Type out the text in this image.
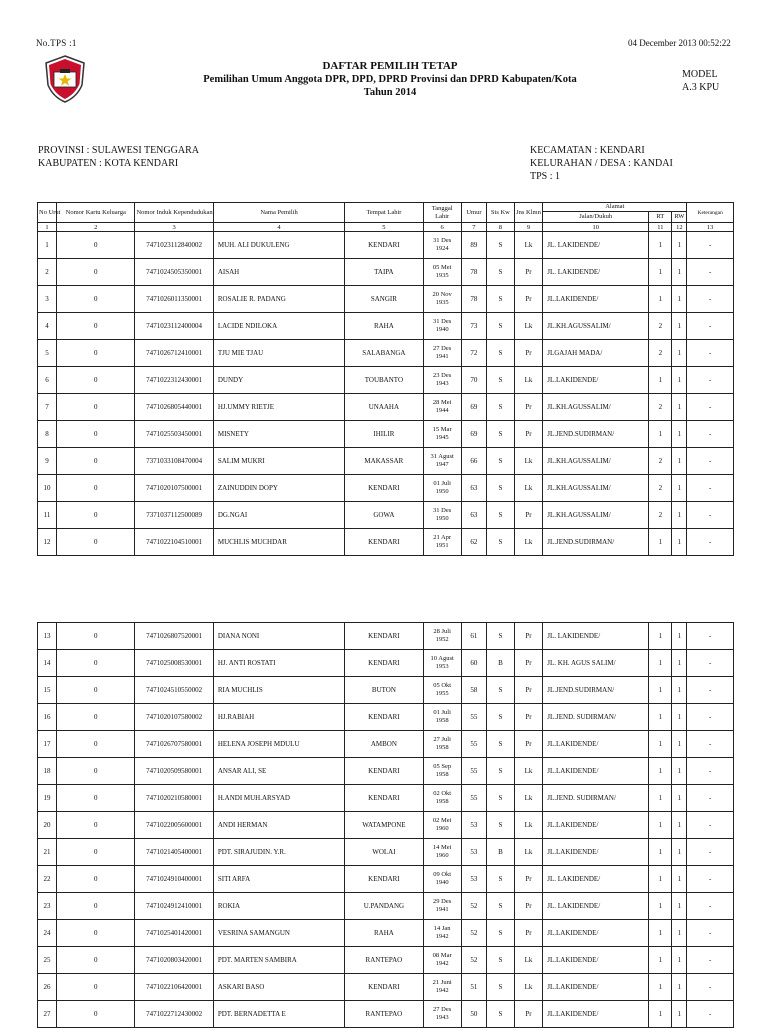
No.TPS :1	04 December 2013 00:52:22
DAFTAR PEMILIH TETAP
Pemilihan Umum Anggota DPR, DPD, DPRD Provinsi dan DPRD Kabupaten/Kota
Tahun 2014
MODEL
A.3 KPU
PROVINSI : SULAWESI TENGGARA
KABUPATEN : KOTA KENDARI
KECAMATAN : KENDARI
KELURAHAN / DESA : KANDAI
TPS : 1
No Urut	Nomor Kartu Keluarga	Nomor Induk Kependudukan	Nama Pemilih	Tempat Lahir	Tanggal Lahir	Umur	Sts Kw	Jns Klmn	Alamat			Keterangan
									Jalan/Dukuh	RT	RW	
1	2	3	4	5	6	7	8	9	10	11	12	13
1	0	7471023112840002	MUH. ALI DUKULENG	KENDARI	31 Des
1924	89	S	Lk	JL. LAKIDENDE/	1	1	-
2	0	7471024505350001	AISAH	TAIPA	05 Mei
1935	78	S	Pr	JL. LAKIDENDE/	1	1	-
3	0	7471026011350001	ROSALIE R. PADANG	SANGIR	20 Nov
1935	78	S	Pr	JL.LAKIDENDE/	1	1	-
4	0	7471023112400004	LACIDE NDILOKA	RAHA	31 Des
1940	73	S	Lk	JL.KH.AGUSSALIM/	2	1	-
5	0	7471026712410001	TJU MIE TJAU	SALABANGA	27 Des
1941	72	S	Pr	JLGAJAH MADA/	2	1	-
6	0	7471022312430001	DUNDY	TOUBANTO	23 Des
1943	70	S	Lk	JL.LAKIDENDE/	1	1	-
7	0	7471026805440001	HJ.UMMY RIETJE	UNAAHA	28 Mei
1944	69	S	Pr	JL.KH.AGUSSALIM/	2	1	-
8	0	7471025503450001	MISNETY	IHILIR	15 Mar
1945	69	S	Pr	JL.JEND.SUDIRMAN/	1	1	-
9	0	7371033108470004	SALIM MUKRI	MAKASSAR	31 Agust
1947	66	S	Lk	JL.KH.AGUSSALIM/	2	1	-
10	0	7471020107500001	ZAINUDDIN DOPY	KENDARI	01 Juli
1950	63	S	Lk	JL.KH.AGUSSALIM/	2	1	-
11	0	7371037112500089	DG.NGAI	GOWA	31 Des
1950	63	S	Pr	JL.KH.AGUSSALIM/	2	1	-
12	0	7471022104510001	MUCHLIS MUCHDAR	KENDARI	21 Apr
1951	62	S	Lk	JL.JEND.SUDIRMAN/	1	1	-
13	0	7471026807520001	DIANA NONI	KENDARI	28 Juli
1952	61	S	Pr	JL. LAKIDENDE/	1	1	-
14	0	7471025008530001	HJ. ANTI ROSTATI	KENDARI	10 Agust
1953	60	B	Pr	JL. KH. AGUS SALIM/	1	1	-
15	0	7471024510550002	RIA MUCHLIS	BUTON	05 Okt
1955	58	S	Pr	JL.JEND.SUDIRMAN/	1	1	-
16	0	7471020107580002	HJ.RABIAH	KENDARI	01 Juli
1958	55	S	Pr	JL.JEND. SUDIRMAN/	1	1	-
17	0	7471026707580001	HELENA JOSEPH MDULU	AMBON	27 Juli
1958	55	S	Pr	JL.LAKIDENDE/	1	1	-
18	0	7471020509580001	ANSAR ALI, SE	KENDARI	05 Sep
1958	55	S	Lk	JL.LAKIDENDE/	1	1	-
19	0	7471020210580001	H.ANDI MUH.ARSYAD	KENDARI	02 Okt
1958	55	S	Lk	JL.JEND. SUDIRMAN/	1	1	-
20	0	7471022005600001	ANDI HERMAN	WATAMPONE	02 Mei
1960	53	S	Lk	JL.LAKIDENDE/	1	1	-
21	0	7471021405400001	PDT. SIRAJUDIN. Y.R.	WOLAI	14 Mei
1960	53	B	Lk	JL.LAKIDENDE/	1	1	-
22	0	7471024910400001	SITI ARFA	KENDARI	09 Okt
1940	53	S	Pr	JL. LAKIDENDE/	1	1	-
23	0	7471024912410001	ROKIA	U.PANDANG	29 Des
1941	52	S	Pr	JL. LAKIDENDE/	1	1	-
24	0	7471025401420001	VESRINA SAMANGUN	RAHA	14 Jan
1942	52	S	Pr	JL.LAKIDENDE/	1	1	-
25	0	7471020803420001	PDT. MARTEN SAMBIRA	RANTEPAO	08 Mar
1942	52	S	Lk	JL.LAKIDENDE/	1	1	-
26	0	7471022106420001	ASKARI BASO	KENDARI	21 Juni
1942	51	S	Lk	JL.LAKIDENDE/	1	1	-
27	0	7471022712430002	PDT. BERNADETTA E	RANTEPAO	27 Des
1943	50	S	Pr	JL.LAKIDENDE/	1	1	-
